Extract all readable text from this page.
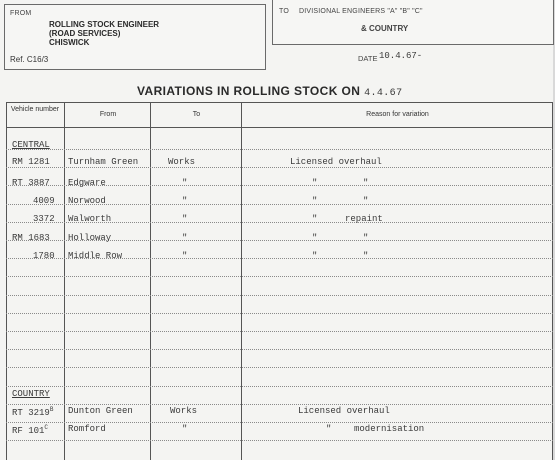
FROM
ROLLING STOCK ENGINEER
(ROAD SERVICES)
CHISWICK
Ref. C16/3
TO DIVISIONAL ENGINEERS "A" "B" "C"
& COUNTRY
DATE 10.4.67-
VARIATIONS IN ROLLING STOCK ON 4.4.67
Vehicle number
From	To	Reason for variation
CENTRAL
RM 1281 Turnham Green	Works	Licensed overhaul
RT 3887 Edgware	"	"	"
4009 Norwood	"	"	"
3372 Walworth	"	"	repaint
RM 1683 Holloway	"	"	"
1780 Middle Row	"	"	"
COUNTRY
RT $3219^B$ Dunton Green	Works	Licensed overhaul
RF $101^C$ Romford	"	"	modernisation
